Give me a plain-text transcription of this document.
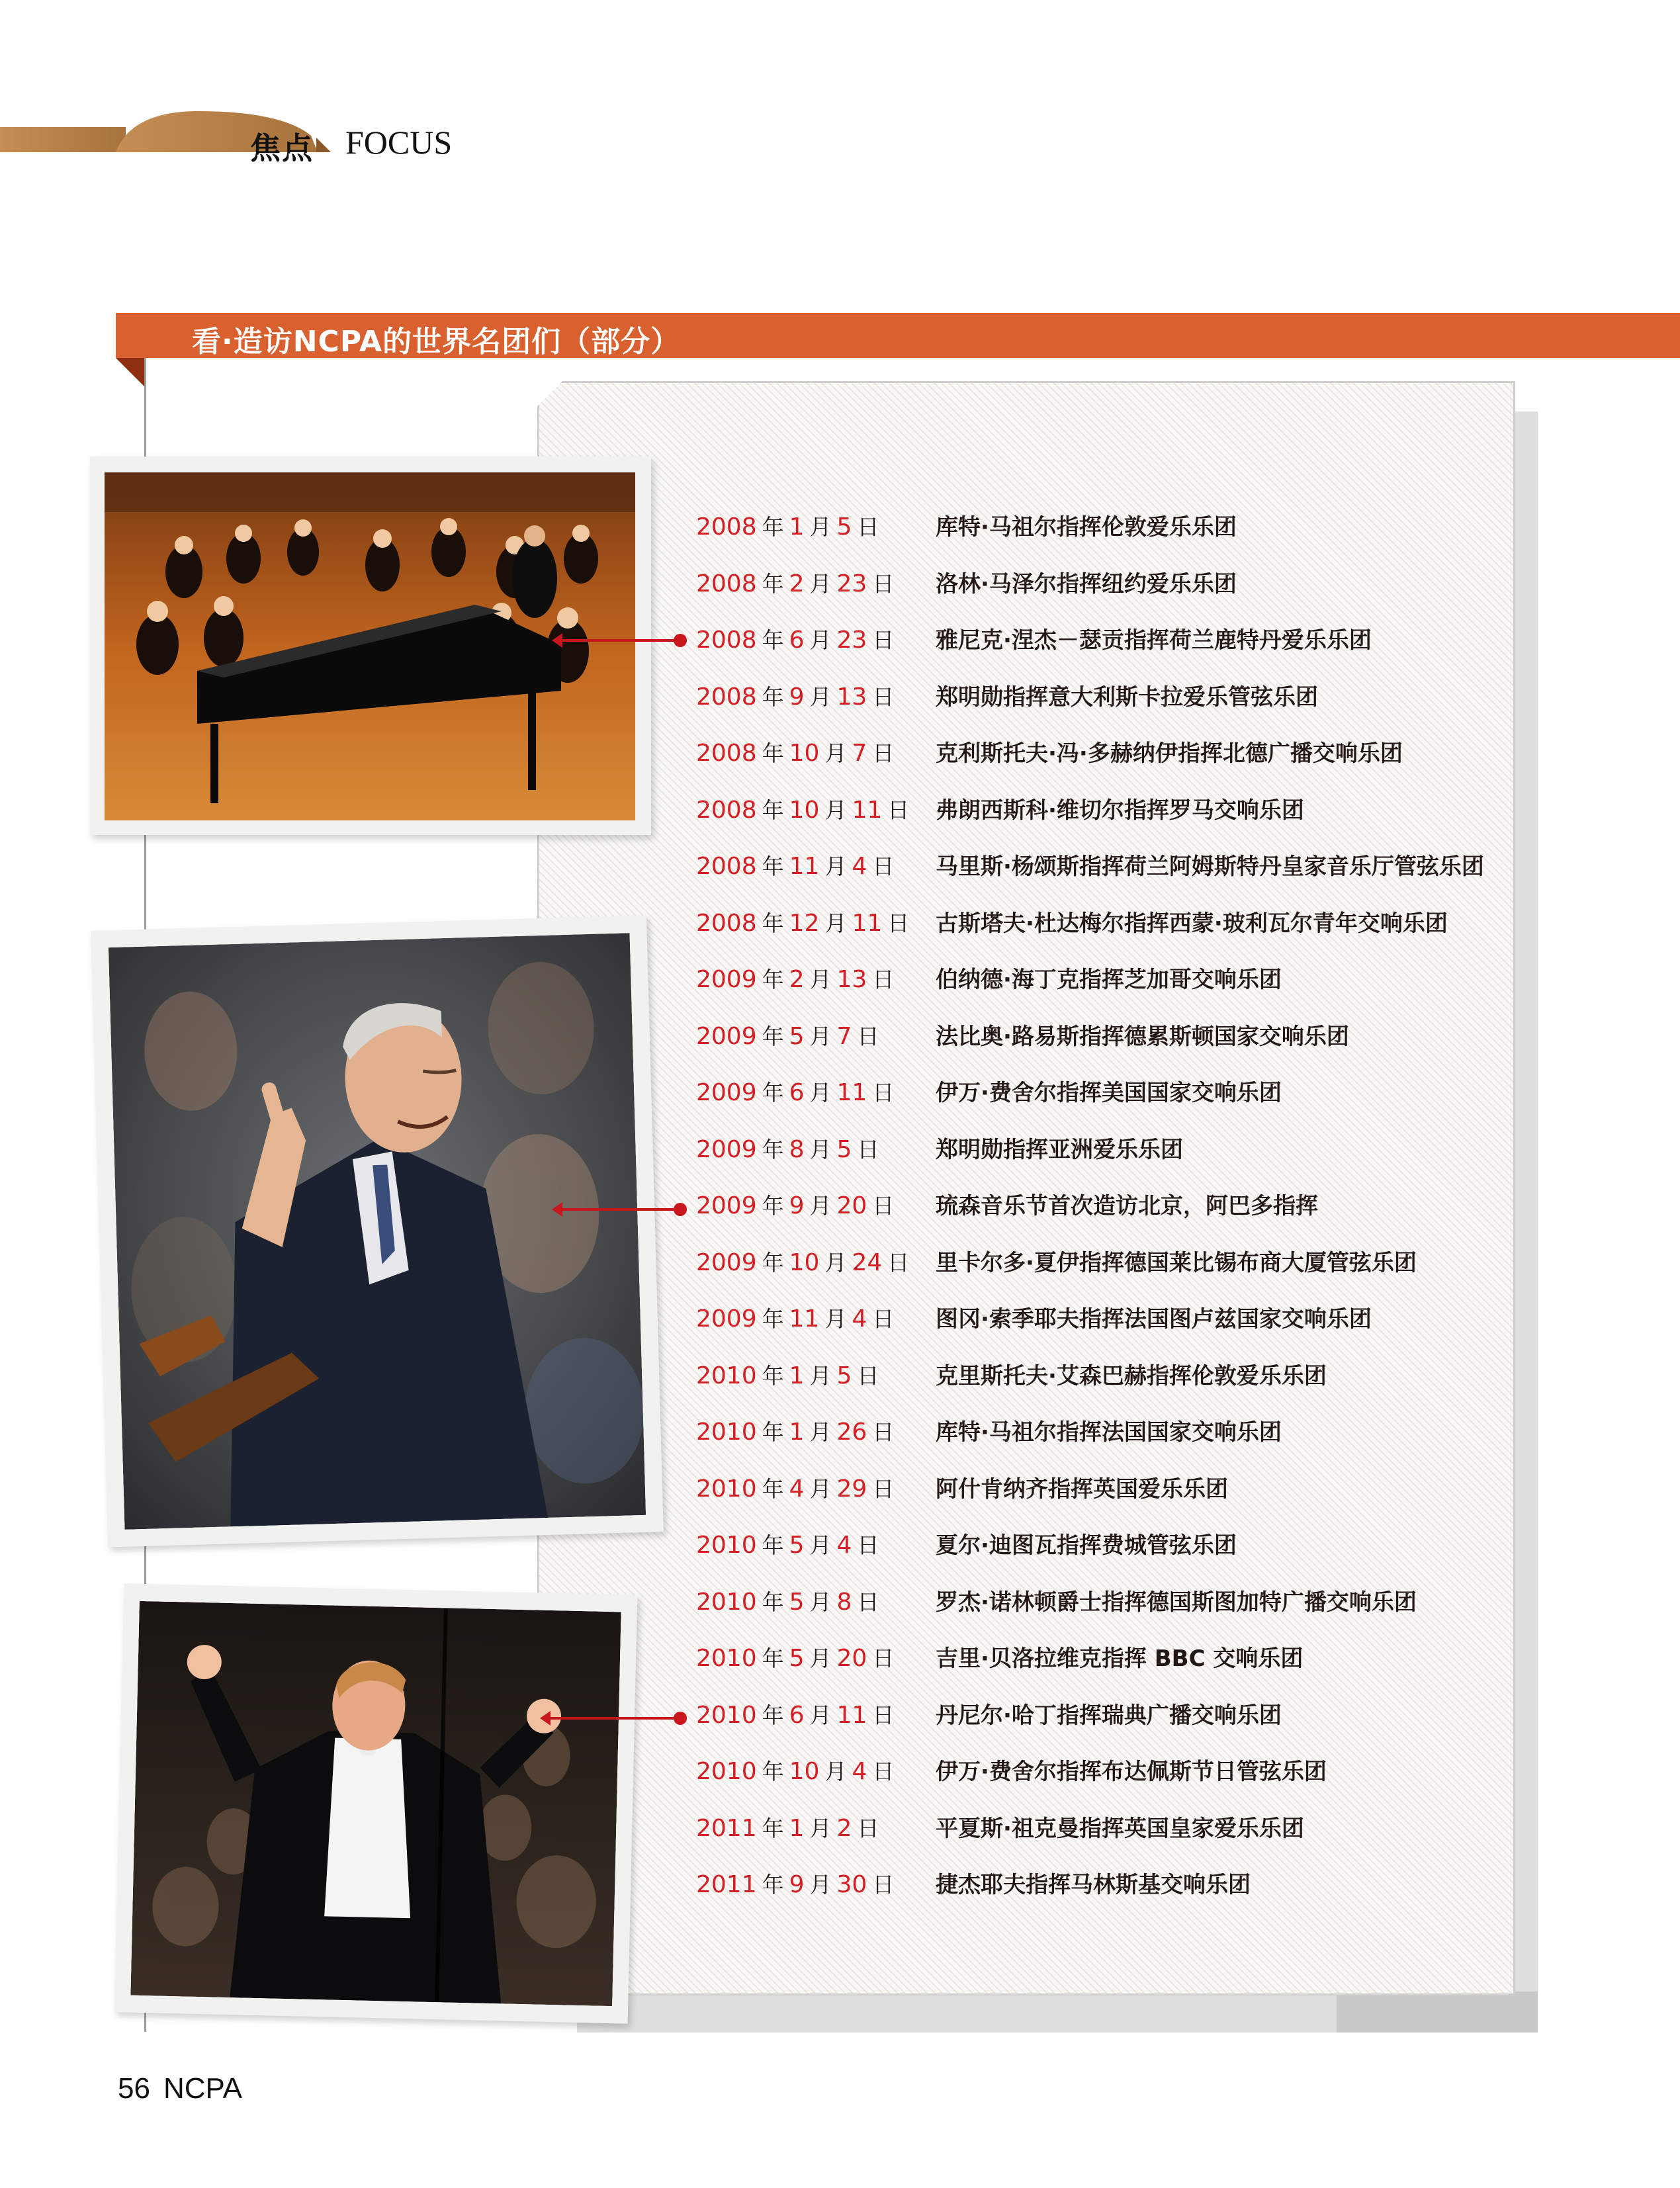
焦点 FOCUS
看·造访NCPA的世界名团们（部分）
2008 年 1 月 5 日	库特·马祖尔指挥伦敦爱乐乐团
2008 年 2 月 23 日 洛林·马泽尔指挥纽约爱乐乐团
2008 年 6 月 23 日 雅尼克·涅杰－瑟贡指挥荷兰鹿特丹爱乐乐团
2008 年 9 月 13 日 郑明勋指挥意大利斯卡拉爱乐管弦乐团
2008 年 10 月 7 日 克利斯托夫·冯·多赫纳伊指挥北德广播交响乐团
2008 年 10 月 11 日 弗朗西斯科·维切尔指挥罗马交响乐团
2008 年 11 月 4 日 马里斯·杨颂斯指挥荷兰阿姆斯特丹皇家音乐厅管弦乐团
2008 年 12 月 11 日 古斯塔夫·杜达梅尔指挥西蒙·玻利瓦尔青年交响乐团
2009 年 2 月 13 日 伯纳德·海丁克指挥芝加哥交响乐团
2009 年 5 月 7 日	法比奥·路易斯指挥德累斯顿国家交响乐团
2009 年 6 月 11 日 伊万·费舍尔指挥美国国家交响乐团
2009 年 8 月 5 日	郑明勋指挥亚洲爱乐乐团
2009 年 9 月 20 日 琉森音乐节首次造访北京，阿巴多指挥
2009 年 10 月 24 日 里卡尔多·夏伊指挥德国莱比锡布商大厦管弦乐团
2009 年 11 月 4 日 图冈·索季耶夫指挥法国图卢兹国家交响乐团
2010 年 1 月 5 日	克里斯托夫·艾森巴赫指挥伦敦爱乐乐团
2010 年 1 月 26 日 库特·马祖尔指挥法国国家交响乐团
2010 年 4 月 29 日 阿什肯纳齐指挥英国爱乐乐团
2010 年 5 月 4 日	夏尔·迪图瓦指挥费城管弦乐团
2010 年 5 月 8 日	罗杰·诺林顿爵士指挥德国斯图加特广播交响乐团
2010 年 5 月 20 日 吉里·贝洛拉维克指挥 BBC 交响乐团
2010 年 6 月 11 日 丹尼尔·哈丁指挥瑞典广播交响乐团
2010 年 10 月 4 日 伊万·费舍尔指挥布达佩斯节日管弦乐团
2011 年 1 月 2 日	平夏斯·祖克曼指挥英国皇家爱乐乐团
2011 年 9 月 30 日 捷杰耶夫指挥马林斯基交响乐团
56 NCPA
